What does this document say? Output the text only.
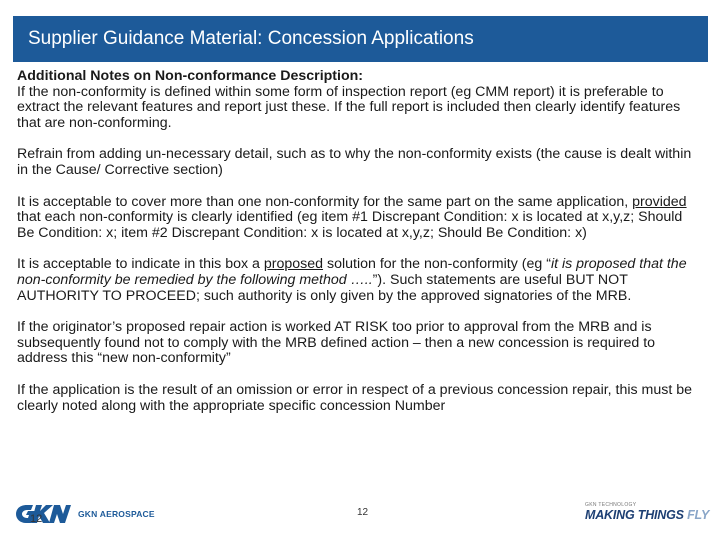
Supplier Guidance Material: Concession Applications
Additional Notes on Non-conformance Description:

If the non-conformity is defined within some form of inspection report (eg CMM report) it is preferable to extract the relevant features and report just these. If the full report is included then clearly identify features that are non-conforming.

Refrain from adding un-necessary detail, such as to why the non-conformity exists (the cause is dealt within in the Cause/ Corrective section)

It is acceptable to cover more than one non-conformity for the same part on the same application, provided that each non-conformity is clearly identified (eg item #1 Discrepant Condition: x is located at x,y,z; Should Be Condition: x; item #2 Discrepant Condition: x is located at x,y,z; Should Be Condition: x)

It is acceptable to indicate in this box a proposed solution for the non-conformity (eg “it is proposed that the non-conformity be remedied by the following method …..”). Such statements are useful BUT NOT AUTHORITY TO PROCEED; such authority is only given by the approved signatories of the MRB.

If the originator’s proposed repair action is worked AT RISK too prior to approval from the MRB and is subsequently found not to comply with the MRB defined action – then a new concession is required to address this “new non-conformity”

If the application is the result of an omission or error in respect of a previous concession repair, this must be clearly noted along with the appropriate specific concession Number

GKN AEROSPACE
12
12
GKN TECHNOLOGY
MAKING THINGS FLY
